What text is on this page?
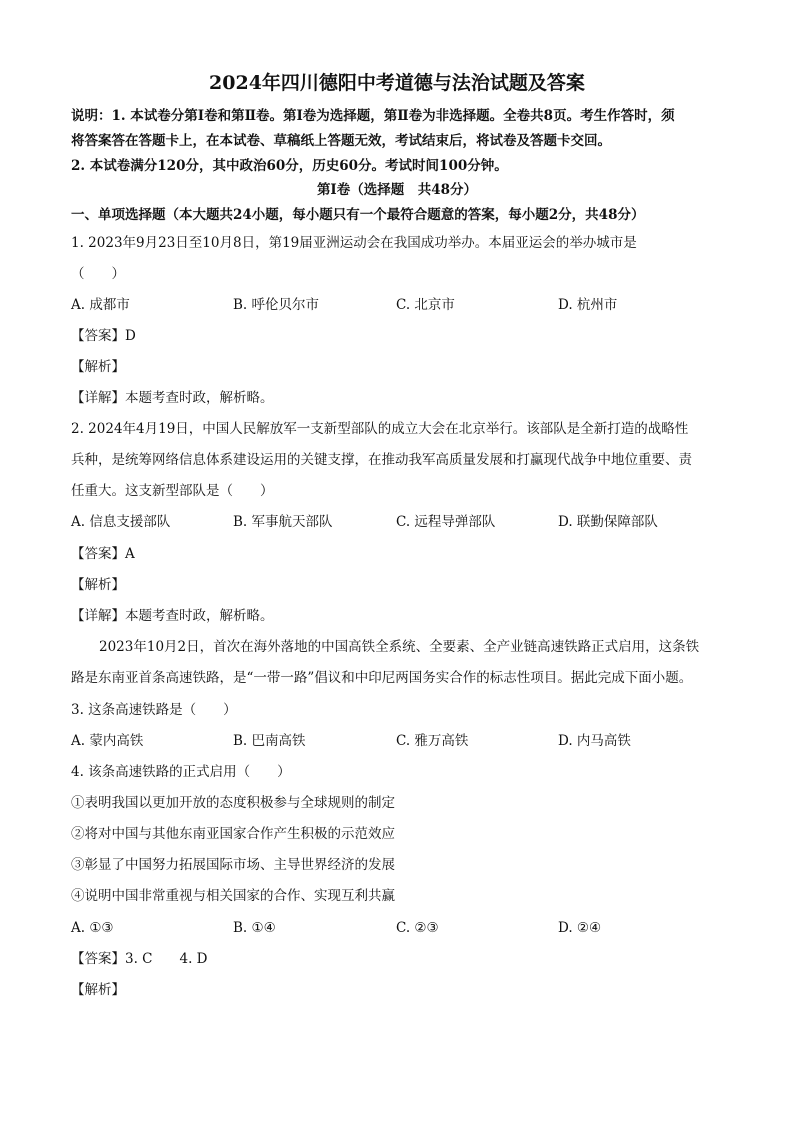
2024年四川德阳中考道德与法治试题及答案
说明：1. 本试卷分第Ⅰ卷和第Ⅱ卷。第Ⅰ卷为选择题，第Ⅱ卷为非选择题。全卷共8页。考生作答时，须
将答案答在答题卡上，在本试卷、草稿纸上答题无效，考试结束后，将试卷及答题卡交回。
2. 本试卷满分120分，其中政治60分，历史60分。考试时间100分钟。
第Ⅰ卷（选择题　共48分）
一、单项选择题（本大题共24小题，每小题只有一个最符合题意的答案，每小题2分，共48分）
1. 2023年9月23日至10月8日，第19届亚洲运动会在我国成功举办。本届亚运会的举办城市是
（　　）
A. 成都市	B. 呼伦贝尔市	C. 北京市	D. 杭州市
【答案】D
【解析】
【详解】本题考查时政，解析略。
2. 2024年4月19日，中国人民解放军一支新型部队的成立大会在北京举行。该部队是全新打造的战略性
兵种，是统筹网络信息体系建设运用的关键支撑，在推动我军高质量发展和打赢现代战争中地位重要、责
任重大。这支新型部队是（　　）
A. 信息支援部队	B. 军事航天部队	C. 远程导弹部队	D. 联勤保障部队
【答案】A
【解析】
【详解】本题考查时政，解析略。
2023年10月2日，首次在海外落地的中国高铁全系统、全要素、全产业链高速铁路正式启用，这条铁
路是东南亚首条高速铁路，是“一带一路”倡议和中印尼两国务实合作的标志性项目。据此完成下面小题。
3. 这条高速铁路是（　　）
A. 蒙内高铁	B. 巴南高铁	C. 雅万高铁	D. 内马高铁
4. 该条高速铁路的正式启用（　　）
①表明我国以更加开放的态度积极参与全球规则的制定
②将对中国与其他东南亚国家合作产生积极的示范效应
③彰显了中国努力拓展国际市场、主导世界经济的发展
④说明中国非常重视与相关国家的合作、实现互利共赢
A. ①③	B. ①④	C. ②③	D. ②④
【答案】3. C　　4. D
【解析】
